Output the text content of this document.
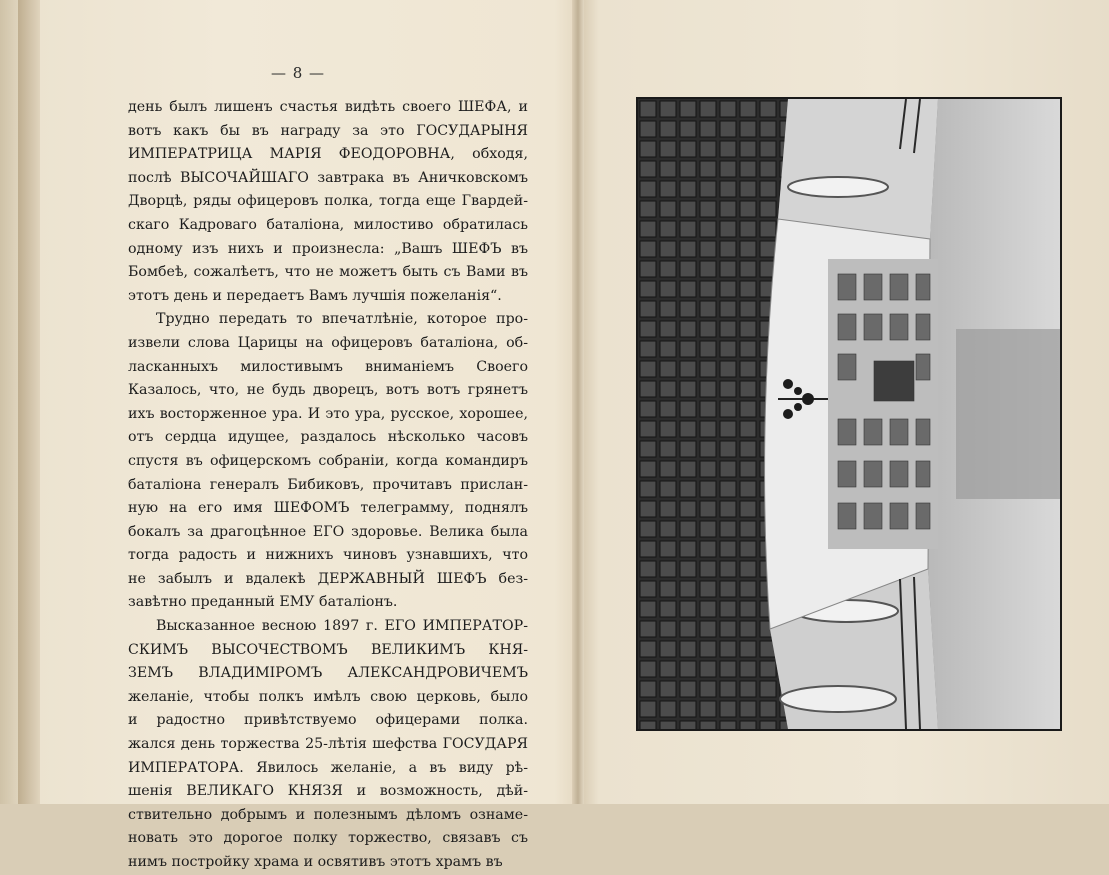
— 8 —
день былъ лишенъ счастья видѣть своего ШЕФА, и
вотъ какъ бы въ награду за это ГОСУДАРЫНЯ
ИМПЕРАТРИЦА МАРІЯ ФЕОДОРОВНА, обходя,
послѣ ВЫСОЧАЙШАГО завтрака въ Аничковскомъ
Дворцѣ, ряды офицеровъ полка, тогда еще Гвардей-
скаго Кадроваго баталіона, милостиво обратилась
одному изъ нихъ и произнесла: „Вашъ ШЕФЪ въ
Бомбеѣ, сожалѣетъ, что не можетъ быть съ Вами въ
этотъ день и передаетъ Вамъ лучшія пожеланія“.
Трудно передать то впечатлѣніе, которое про-
извели слова Царицы на офицеровъ баталіона, об-
ласканныхъ милостивымъ вниманіемъ Своего
Казалось, что, не будь дворецъ, вотъ вотъ грянетъ
ихъ восторженное ура. И это ура, русское, хорошее,
отъ сердца идущее, раздалось нѣсколько часовъ
спустя въ офицерскомъ собраніи, когда командиръ
баталіона генералъ Бибиковъ, прочитавъ прислан-
ную на его имя ШЕФОМЪ телеграмму, поднялъ
бокалъ за драгоцѣнное ЕГО здоровье. Велика была
тогда радость и нижнихъ чиновъ узнавшихъ, что
не забылъ и вдалекѣ ДЕРЖАВНЫЙ ШЕФЪ без-
завѣтно преданный ЕМУ баталіонъ.
Высказанное весною 1897 г. ЕГО ИМПЕРАТОР-
СКИМЪ ВЫСОЧЕСТВОМЪ ВЕЛИКИМЪ КНЯ-
ЗЕМЪ ВЛАДИМІРОМЪ АЛЕКСАНДРОВИЧЕМЪ
желаніе, чтобы полкъ имѣлъ свою церковь, было
и радостно привѣтствуемо офицерами полка.
жался день торжества 25-лѣтія шефства ГОСУДАРЯ
ИМПЕРАТОРА. Явилось желаніе, а въ виду рѣ-
шенія ВЕЛИКАГО КНЯЗЯ и возможность, дѣй-
ствительно добрымъ и полезнымъ дѣломъ ознаме-
новать это дорогое полку торжество, связавъ съ
нимъ постройку храма и освятивъ этотъ храмъ въ
